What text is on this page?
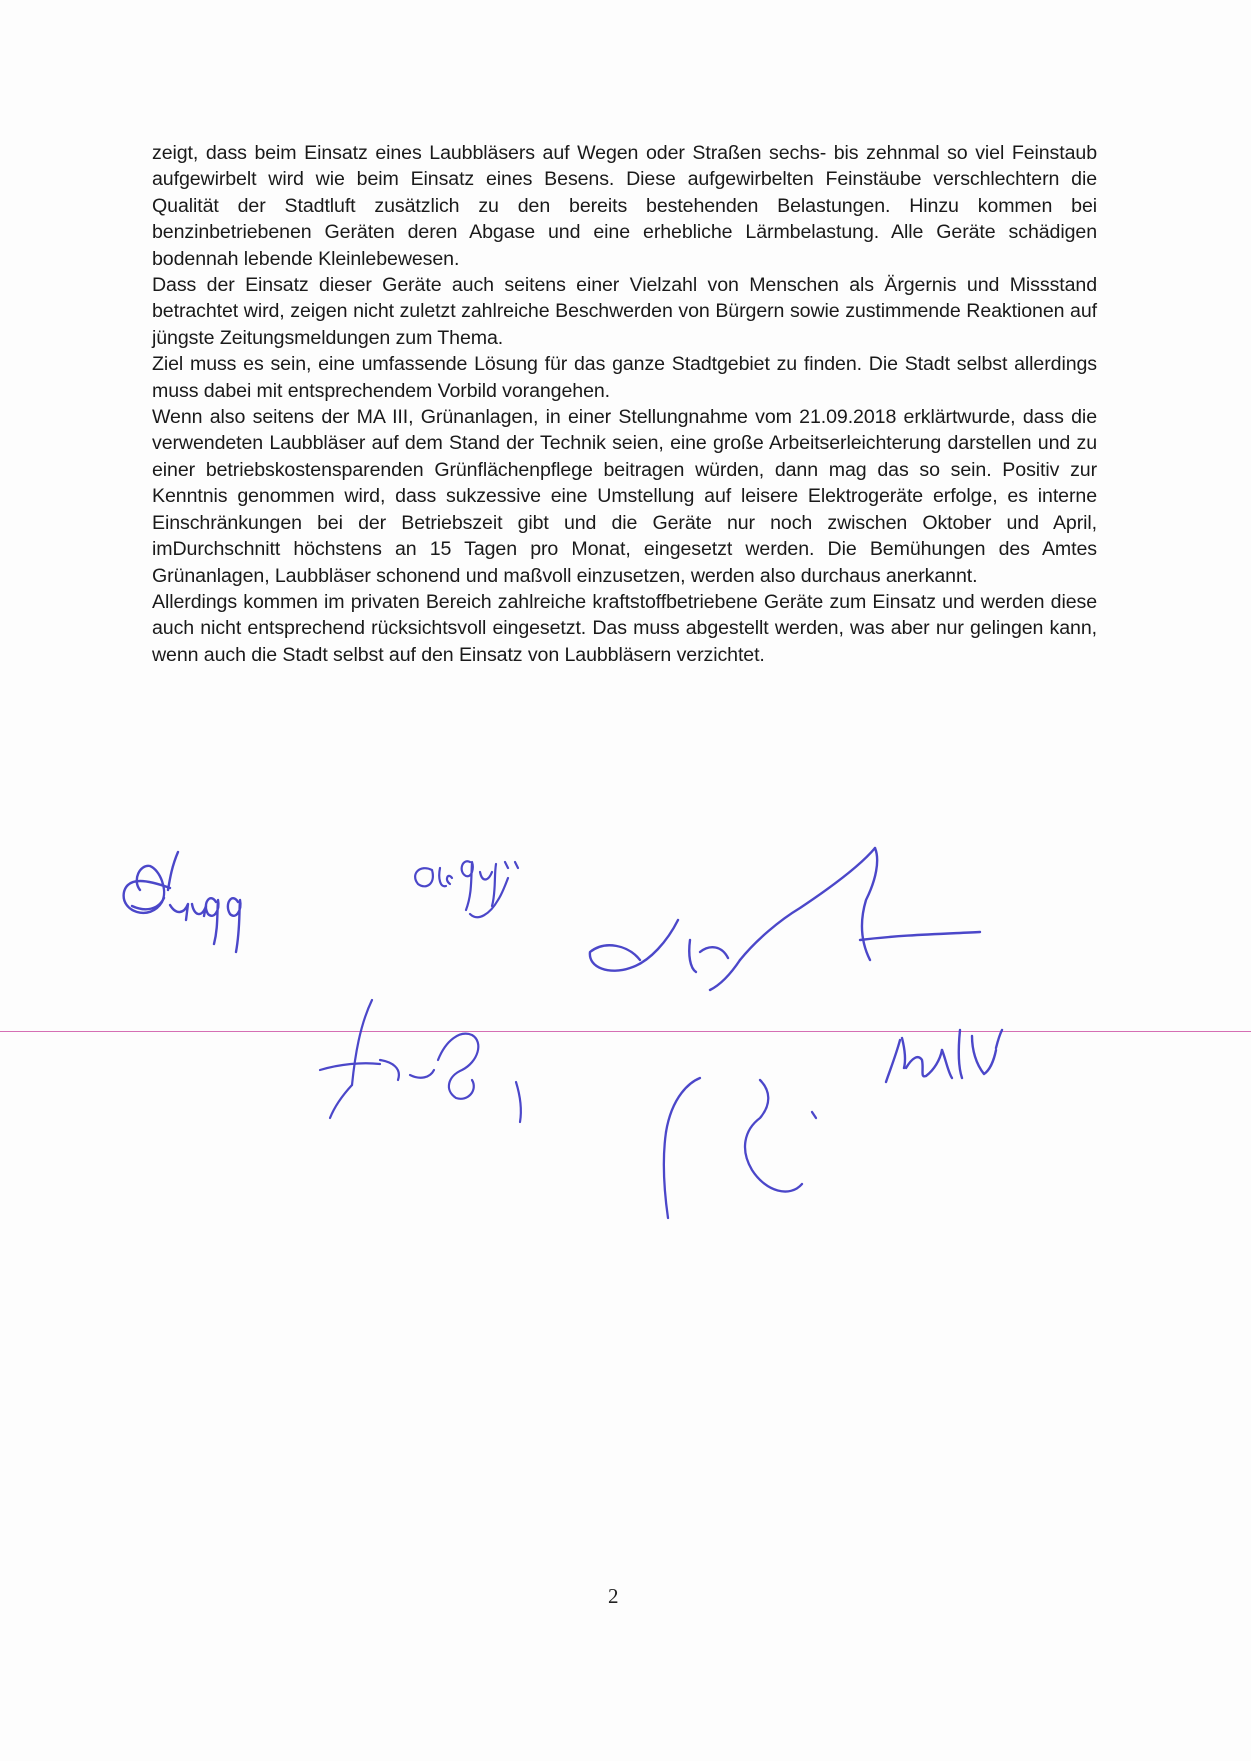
zeigt, dass beim Einsatz eines Laubbläsers auf Wegen oder Straßen sechs- bis zehnmal so viel Feinstaub aufgewirbelt wird wie beim Einsatz eines Besens. Diese aufgewirbelten Feinstäube verschlechtern die Qualität der Stadtluft zusätzlich zu den bereits bestehenden Belastungen. Hinzu kommen bei benzinbetriebenen Geräten deren Abgase und eine erhebliche Lärmbelastung. Alle Geräte schädigen bodennah lebende Kleinlebewesen.

Dass der Einsatz dieser Geräte auch seitens einer Vielzahl von Menschen als Ärgernis und Missstand betrachtet wird, zeigen nicht zuletzt zahlreiche Beschwerden von Bürgern sowie zustimmende Reaktionen auf jüngste Zeitungsmeldungen zum Thema.

Ziel muss es sein, eine umfassende Lösung für das ganze Stadtgebiet zu finden. Die Stadt selbst allerdings muss dabei mit entsprechendem Vorbild vorangehen.

Wenn also seitens der MA III, Grünanlagen, in einer Stellungnahme vom 21.09.2018 erklärtwurde, dass die verwendeten Laubbläser auf dem Stand der Technik seien, eine große Arbeitserleichterung darstellen und zu einer betriebskostensparenden Grünflächenpflege beitragen würden, dann mag das so sein. Positiv zur Kenntnis genommen wird, dass sukzessive eine Umstellung auf leisere Elektrogeräte erfolge, es interne Einschränkungen bei der Betriebszeit gibt und die Geräte nur noch zwischen Oktober und April, imDurchschnitt höchstens an 15 Tagen pro Monat, eingesetzt werden. Die Bemühungen des Amtes Grünanlagen, Laubbläser schonend und maßvoll einzusetzen, werden also durchaus anerkannt.

Allerdings kommen im privaten Bereich zahlreiche kraftstoffbetriebene Geräte zum Einsatz und werden diese auch nicht entsprechend rücksichtsvoll eingesetzt. Das muss abgestellt werden, was aber nur gelingen kann, wenn auch die Stadt selbst auf den Einsatz von Laubbläsern verzichtet.

2
